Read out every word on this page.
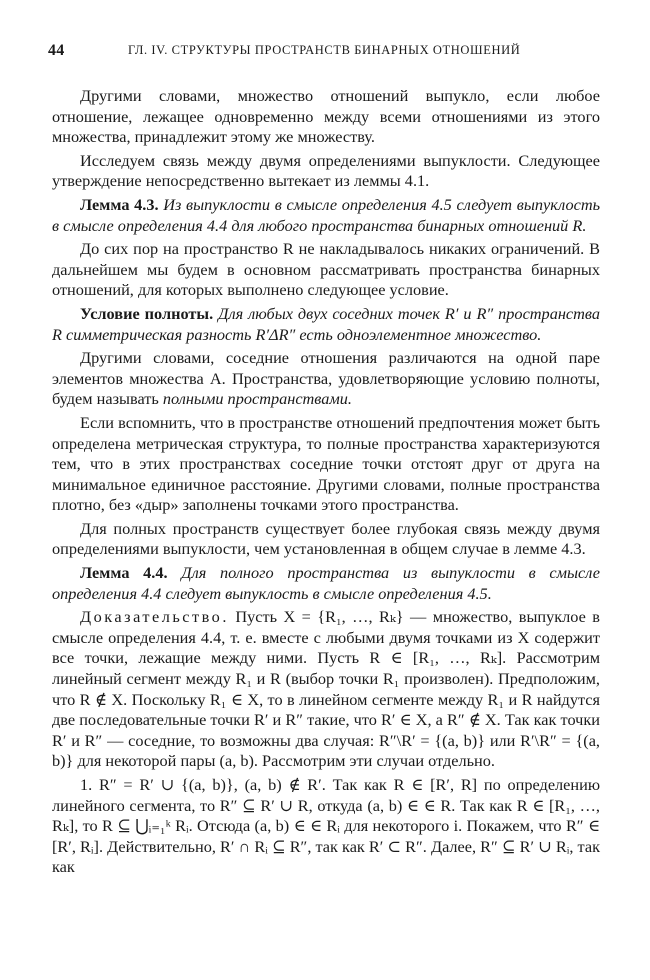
44	ГЛ. IV. СТРУКТУРЫ ПРОСТРАНСТВ БИНАРНЫХ ОТНОШЕНИЙ

Другими словами, множество отношений выпукло, если любое отношение, лежащее одновременно между всеми отношениями из этого множества, принадлежит этому же множеству.

Исследуем связь между двумя определениями выпуклости. Следующее утверждение непосредственно вытекает из леммы 4.1.

Лемма 4.3. Из выпуклости в смысле определения 4.5 следует выпуклость в смысле определения 4.4 для любого пространства бинарных отношений R.

До сих пор на пространство R не накладывалось никаких ограничений. В дальнейшем мы будем в основном рассматривать пространства бинарных отношений, для которых выполнено следующее условие.

Условие полноты. Для любых двух соседних точек R′ и R″ пространства R симметрическая разность R′ΔR″ есть одноэлементное множество.

Другими словами, соседние отношения различаются на одной паре элементов множества A. Пространства, удовлетворяющие условию полноты, будем называть полными пространствами.

Если вспомнить, что в пространстве отношений предпочтения может быть определена метрическая структура, то полные пространства характеризуются тем, что в этих пространствах соседние точки отстоят друг от друга на минимальное единичное расстояние. Другими словами, полные пространства плотно, без «дыр» заполнены точками этого пространства.

Для полных пространств существует более глубокая связь между двумя определениями выпуклости, чем установленная в общем случае в лемме 4.3.

Лемма 4.4. Для полного пространства из выпуклости в смысле определения 4.4 следует выпуклость в смысле определения 4.5.

Доказательство. Пусть X = {R₁, …, Rₖ} — множество, выпуклое в смысле определения 4.4, т. е. вместе с любыми двумя точками из X содержит все точки, лежащие между ними. Пусть R ∈ [R₁, …, Rₖ]. Рассмотрим линейный сегмент между R₁ и R (выбор точки R₁ произволен). Предположим, что R ∉ X. Поскольку R₁ ∈ X, то в линейном сегменте между R₁ и R найдутся две последовательные точки R′ и R″ такие, что R′ ∈ X, а R″ ∉ X. Так как точки R′ и R″ — соседние, то возможны два случая: R″\R′ = {(a, b)} или R′\R″ = {(a, b)} для некоторой пары (a, b). Рассмотрим эти случаи отдельно.

1. R″ = R′ ∪ {(a, b)}, (a, b) ∉ R′. Так как R ∈ [R′, R] по определению линейного сегмента, то R″ ⊆ R′ ∪ R, откуда (a, b) ∈ ∈ R. Так как R ∈ [R₁, …, Rₖ], то R ⊆ ⋃ᵢ₌₁ᵏ Rᵢ. Отсюда (a, b) ∈ ∈ Rᵢ для некоторого i. Покажем, что R″ ∈ [R′, Rᵢ]. Действительно, R′ ∩ Rᵢ ⊆ R″, так как R′ ⊂ R″. Далее, R″ ⊆ R′ ∪ Rᵢ, так как
